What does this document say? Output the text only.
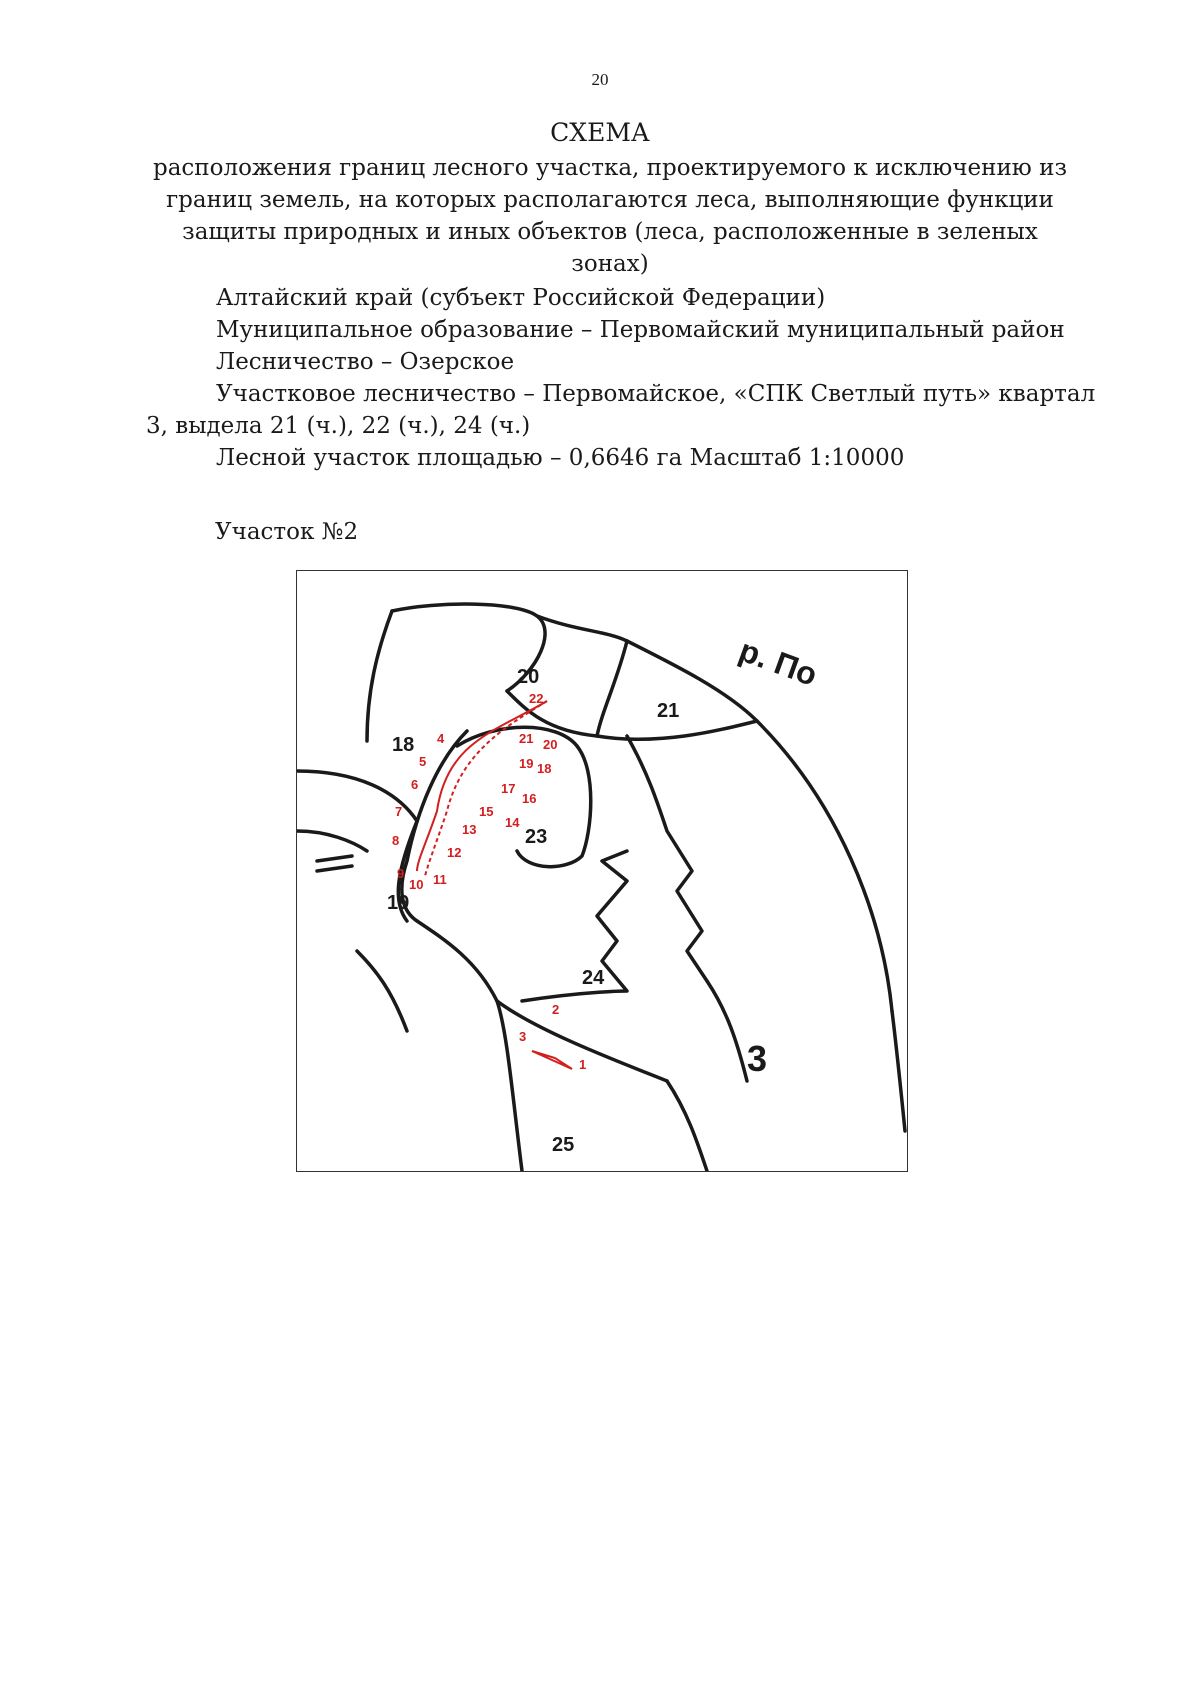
20
СХЕМА
расположения границ лесного участка, проектируемого к исключению из границ земель, на которых располагаются леса, выполняющие функции защиты природных и иных объектов (леса, расположенные в зеленых зонах)
Алтайский край (субъект Российской Федерации)
Муниципальное образование – Первомайский муниципальный район
Лесничество – Озерское
Участковое лесничество – Первомайское, «СПК Светлый путь» квартал 3, выдела 21 (ч.), 22 (ч.), 24 (ч.)
Лесной участок площадью – 0,6646 га Масштаб 1:10000
Участок №2
р. По
18
19
20
21
23
24
25
3
1
2
3
4
5
6
7
8
9
10 11
12
13 14
15
16
17
18
19
20
21
22
